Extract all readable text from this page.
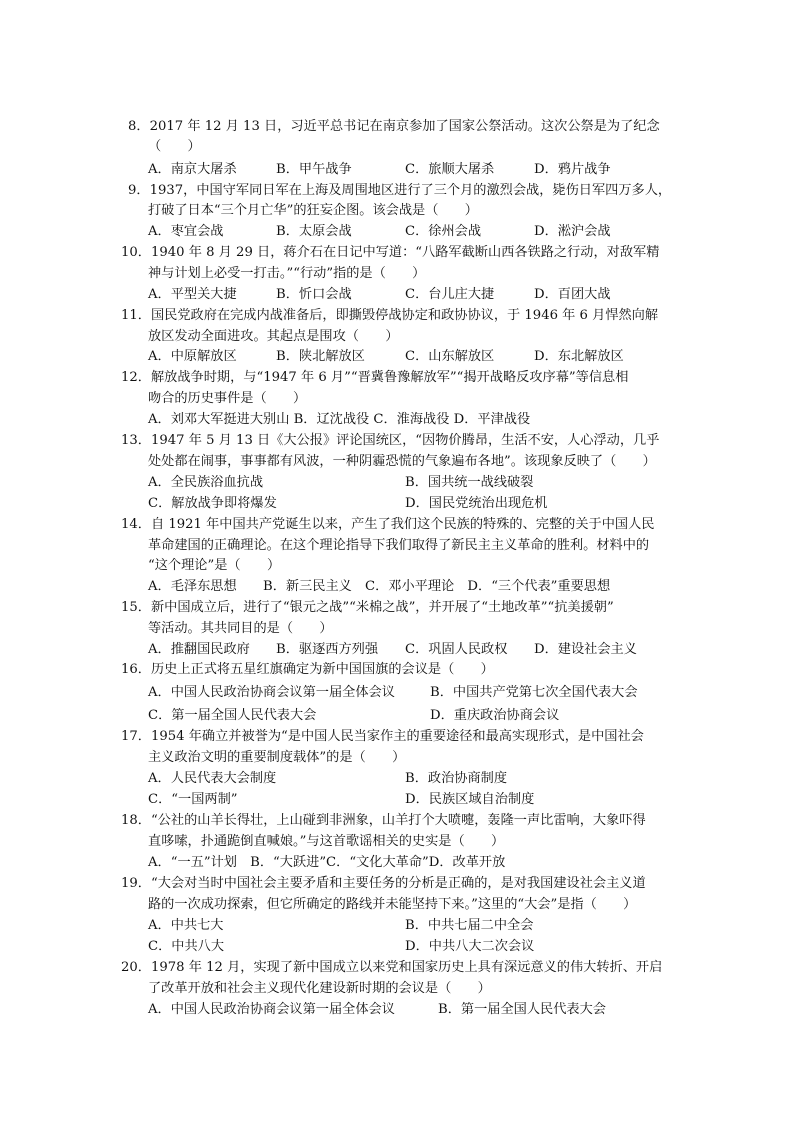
8．2017 年 12 月 13 日，习近平总书记在南京参加了国家公祭活动。这次公祭是为了纪念
（　　）
A．南京大屠杀	B．甲午战争	C．旅顺大屠杀	D．鸦片战争
9．1937，中国守军同日军在上海及周围地区进行了三个月的激烈会战，毙伤日军四万多人，
打破了日本“三个月亡华”的狂妄企图。该会战是（　　）
A．枣宜会战	B．太原会战	C．徐州会战	D．淞沪会战
10．1940 年 8 月 29 日，蒋介石在日记中写道：“八路军截断山西各铁路之行动，对敌军精
神与计划上必受一打击。”“行动”指的是（　　）
A．平型关大捷	B．忻口会战	C．台儿庄大捷	D．百团大战
11．国民党政府在完成内战准备后，即撕毁停战协定和政协协议，于 1946 年 6 月悍然向解
放区发动全面进攻。其起点是围攻（　　）
A．中原解放区	B．陕北解放区	C．山东解放区	D．东北解放区
12．解放战争时期，与“1947 年 6 月”“晋冀鲁豫解放军”“揭开战略反攻序幕”等信息相
吻合的历史事件是（　　）
A．刘邓大军挺进大别山 B．辽沈战役 C．淮海战役 D．平津战役
13．1947 年 5 月 13 日《大公报》评论国统区，“因物价腾昂，生活不安，人心浮动，几乎
处处都在闹事，事事都有风波，一种阴霾恐慌的气象遍布各地”。该现象反映了（　　）
A．全民族浴血抗战	B．国共统一战线破裂
C．解放战争即将爆发	D．国民党统治出现危机
14．自 1921 年中国共产党诞生以来，产生了我们这个民族的特殊的、完整的关于中国人民
革命建国的正确理论。在这个理论指导下我们取得了新民主主义革命的胜利。材料中的
“这个理论”是（　　）
A．毛泽东思想　　B．新三民主义　C．邓小平理论　D．“三个代表”重要思想
15．新中国成立后，进行了“银元之战”“米棉之战”，并开展了“土地改革”“抗美援朝”
等活动。其共同目的是（　　）
A．推翻国民政府 B．驱逐西方列强 C．巩固人民政权 D．建设社会主义
16．历史上正式将五星红旗确定为新中国国旗的会议是（　　）
A．中国人民政治协商会议第一届全体会议	B．中国共产党第七次全国代表大会
C．第一届全国人民代表大会	D．重庆政治协商会议
17．1954 年确立并被誉为“是中国人民当家作主的重要途径和最高实现形式，是中国社会
主义政治文明的重要制度载体”的是（　　）
A．人民代表大会制度	B．政治协商制度
C．“一国两制”	D．民族区域自治制度
18．“公社的山羊长得壮，上山碰到非洲象，山羊打个大喷嚏，轰隆一声比雷响，大象吓得
直哆嗦，扑通跪倒直喊娘。”与这首歌谣相关的史实是（　　）
A．“一五”计划　B．“大跃进”C．“文化大革命”D．改革开放
19．“大会对当时中国社会主要矛盾和主要任务的分析是正确的，是对我国建设社会主义道
路的一次成功探索，但它所确定的路线并未能坚持下来。”这里的“大会”是指（　　）
A．中共七大	B．中共七届二中全会
C．中共八大	D．中共八大二次会议
20．1978 年 12 月，实现了新中国成立以来党和国家历史上具有深远意义的伟大转折、开启
了改革开放和社会主义现代化建设新时期的会议是（　　）
A．中国人民政治协商会议第一届全体会议	B．第一届全国人民代表大会
